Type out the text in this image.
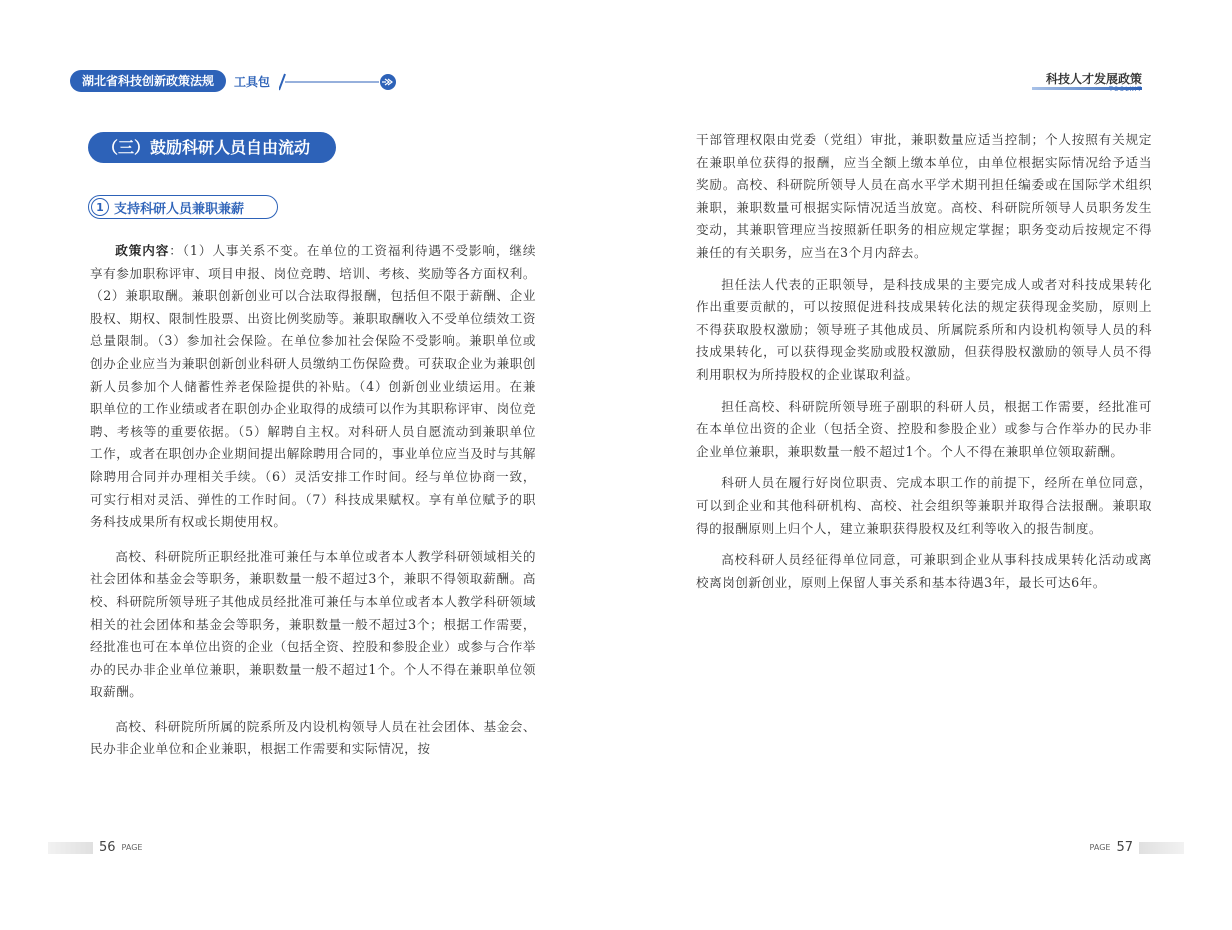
湖北省科技创新政策法规	工具包
（三）鼓励科研人员自由流动
1 支持科研人员兼职兼薪

政策内容：（1）人事关系不变。在单位的工资福利待遇不受影响，继续享有参加职称评审、项目申报、岗位竞聘、培训、考核、奖励等各方面权利。（2）兼职取酬。兼职创新创业可以合法取得报酬，包括但不限于薪酬、企业股权、期权、限制性股票、出资比例奖励等。兼职取酬收入不受单位绩效工资总量限制。（3）参加社会保险。在单位参加社会保险不受影响。兼职单位或创办企业应当为兼职创新创业科研人员缴纳工伤保险费。可获取企业为兼职创新人员参加个人储蓄性养老保险提供的补贴。（4）创新创业业绩运用。在兼职单位的工作业绩或者在职创办企业取得的成绩可以作为其职称评审、岗位竞聘、考核等的重要依据。（5）解聘自主权。对科研人员自愿流动到兼职单位工作，或者在职创办企业期间提出解除聘用合同的，事业单位应当及时与其解除聘用合同并办理相关手续。（6）灵活安排工作时间。经与单位协商一致，可实行相对灵活、弹性的工作时间。（7）科技成果赋权。享有单位赋予的职务科技成果所有权或长期使用权。

高校、科研院所正职经批准可兼任与本单位或者本人教学科研领域相关的社会团体和基金会等职务，兼职数量一般不超过3个，兼职不得领取薪酬。高校、科研院所领导班子其他成员经批准可兼任与本单位或者本人教学科研领域相关的社会团体和基金会等职务，兼职数量一般不超过3个；根据工作需要，经批准也可在本单位出资的企业（包括全资、控股和参股企业）或参与合作举办的民办非企业单位兼职，兼职数量一般不超过1个。个人不得在兼职单位领取薪酬。

高校、科研院所所属的院系所及内设机构领导人员在社会团体、基金会、民办非企业单位和企业兼职，根据工作需要和实际情况，按

56 PAGE
科技人才发展政策

干部管理权限由党委（党组）审批，兼职数量应适当控制；个人按照有关规定在兼职单位获得的报酬，应当全额上缴本单位，由单位根据实际情况给予适当奖励。高校、科研院所领导人员在高水平学术期刊担任编委或在国际学术组织兼职，兼职数量可根据实际情况适当放宽。高校、科研院所领导人员职务发生变动，其兼职管理应当按照新任职务的相应规定掌握；职务变动后按规定不得兼任的有关职务，应当在3个月内辞去。

担任法人代表的正职领导，是科技成果的主要完成人或者对科技成果转化作出重要贡献的，可以按照促进科技成果转化法的规定获得现金奖励，原则上不得获取股权激励；领导班子其他成员、所属院系所和内设机构领导人员的科技成果转化，可以获得现金奖励或股权激励，但获得股权激励的领导人员不得利用职权为所持股权的企业谋取利益。

担任高校、科研院所领导班子副职的科研人员，根据工作需要，经批准可在本单位出资的企业（包括全资、控股和参股企业）或参与合作举办的民办非企业单位兼职，兼职数量一般不超过1个。个人不得在兼职单位领取薪酬。

科研人员在履行好岗位职责、完成本职工作的前提下，经所在单位同意，可以到企业和其他科研机构、高校、社会组织等兼职并取得合法报酬。兼职取得的报酬原则上归个人，建立兼职获得股权及红利等收入的报告制度。

高校科研人员经征得单位同意，可兼职到企业从事科技成果转化活动或离校离岗创新创业，原则上保留人事关系和基本待遇3年，最长可达6年。

PAGE 57
